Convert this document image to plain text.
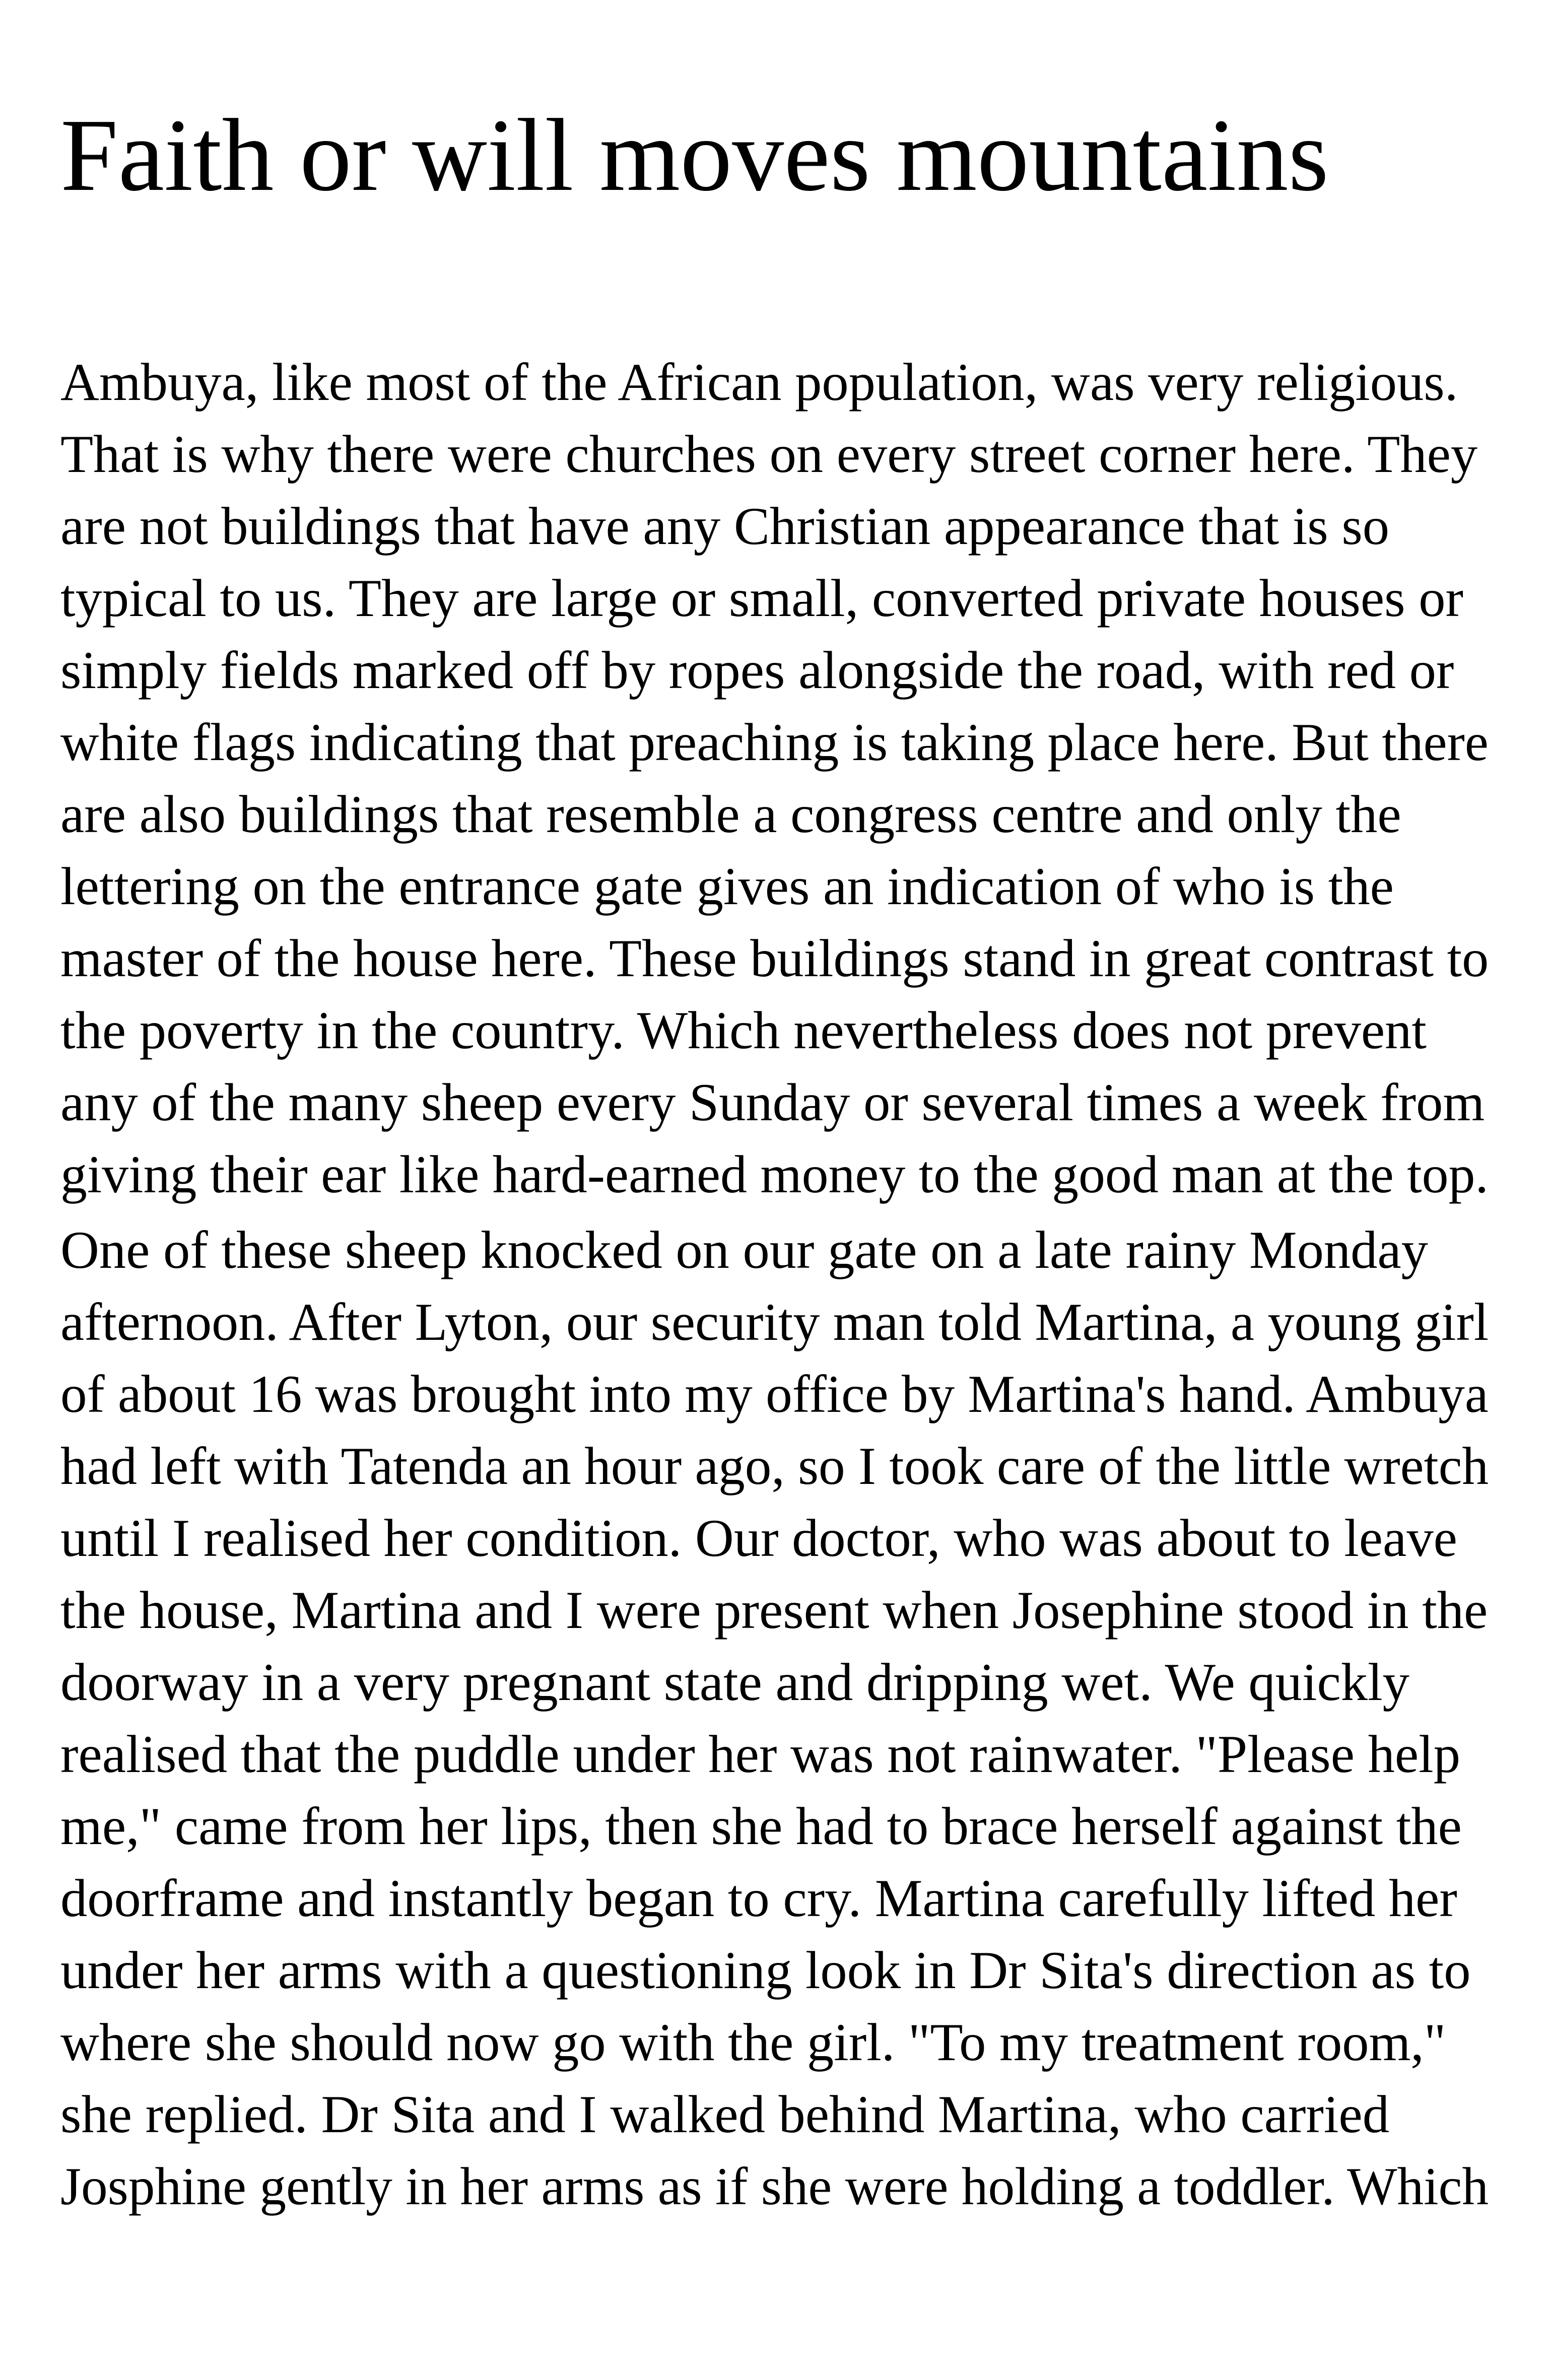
Faith or will moves mountains

Ambuya, like most of the African population, was very religious.
That is why there were churches on every street corner here. They
are not buildings that have any Christian appearance that is so
typical to us. They are large or small, converted private houses or
simply fields marked off by ropes alongside the road, with red or
white flags indicating that preaching is taking place here. But there
are also buildings that resemble a congress centre and only the
lettering on the entrance gate gives an indication of who is the
master of the house here. These buildings stand in great contrast to
the poverty in the country. Which nevertheless does not prevent
any of the many sheep every Sunday or several times a week from
giving their ear like hard-earned money to the good man at the top.

One of these sheep knocked on our gate on a late rainy Monday
afternoon. After Lyton, our security man told Martina, a young girl
of about 16 was brought into my office by Martina's hand. Ambuya
had left with Tatenda an hour ago, so I took care of the little wretch
until I realised her condition. Our doctor, who was about to leave
the house, Martina and I were present when Josephine stood in the
doorway in a very pregnant state and dripping wet. We quickly
realised that the puddle under her was not rainwater. "Please help
me," came from her lips, then she had to brace herself against the
doorframe and instantly began to cry. Martina carefully lifted her
under her arms with a questioning look in Dr Sita's direction as to
where she should now go with the girl. "To my treatment room,"
she replied. Dr Sita and I walked behind Martina, who carried
Josphine gently in her arms as if she were holding a toddler. Which
